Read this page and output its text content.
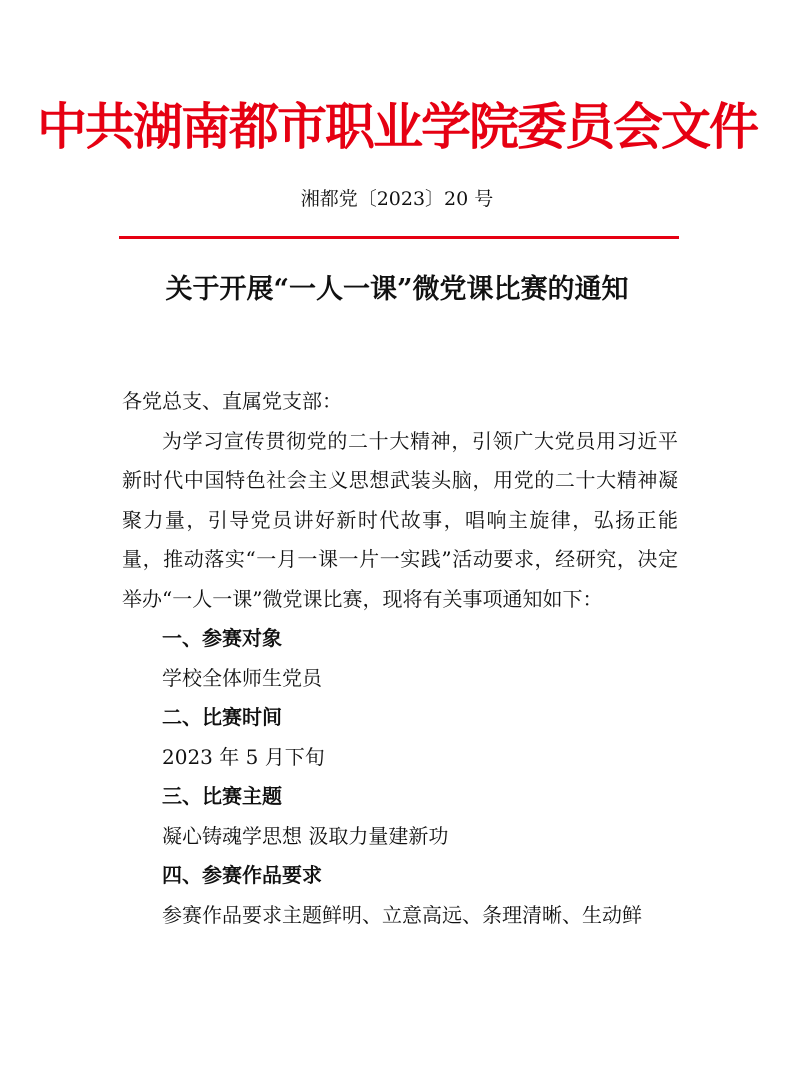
中共湖南都市职业学院委员会文件
湘都党〔2023〕20 号
关于开展“一人一课”微党课比赛的通知

各党总支、直属党支部：

为学习宣传贯彻党的二十大精神，引领广大党员用习近平新时代中国特色社会主义思想武装头脑，用党的二十大精神凝聚力量，引导党员讲好新时代故事，唱响主旋律，弘扬正能量，推动落实“一月一课一片一实践”活动要求，经研究，决定举办“一人一课”微党课比赛，现将有关事项通知如下：

一、参赛对象

学校全体师生党员

二、比赛时间

2023 年 5 月下旬

三、比赛主题

凝心铸魂学思想 汲取力量建新功

四、参赛作品要求

参赛作品要求主题鲜明、立意高远、条理清晰、生动鲜
